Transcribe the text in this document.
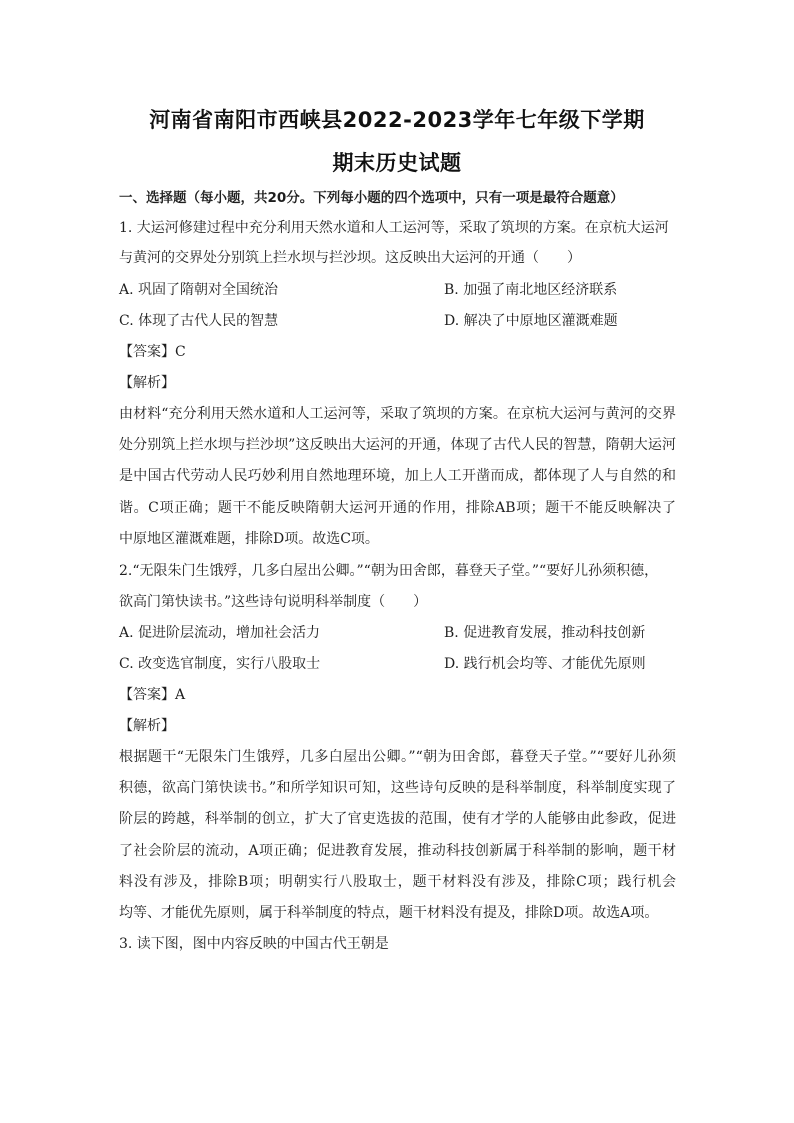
河南省南阳市西峡县2022-2023学年七年级下学期
期末历史试题
一、选择题（每小题，共20分。下列每小题的四个选项中，只有一项是最符合题意）
1. 大运河修建过程中充分利用天然水道和人工运河等，采取了筑坝的方案。在京杭大运河
与黄河的交界处分别筑上拦水坝与拦沙坝。这反映出大运河的开通（　　）
A. 巩固了隋朝对全国统治	B. 加强了南北地区经济联系
C. 体现了古代人民的智慧	D. 解决了中原地区灌溉难题
【答案】C
【解析】

由材料“充分利用天然水道和人工运河等，采取了筑坝的方案。在京杭大运河与黄河的交界

处分别筑上拦水坝与拦沙坝”这反映出大运河的开通，体现了古代人民的智慧，隋朝大运河

是中国古代劳动人民巧妙利用自然地理环境，加上人工开凿而成，都体现了人与自然的和

谐。C项正确；题干不能反映隋朝大运河开通的作用，排除AB项；题干不能反映解决了

中原地区灌溉难题，排除D项。故选C项。

2.“无限朱门生饿殍，几多白屋出公卿。”“朝为田舍郎，暮登天子堂。”“要好儿孙须积德，
欲高门第快读书。”这些诗句说明科举制度（　　）
A. 促进阶层流动，增加社会活力	B. 促进教育发展，推动科技创新
C. 改变选官制度，实行八股取士	D. 践行机会均等、才能优先原则
【答案】A
【解析】

根据题干“无限朱门生饿殍，几多白屋出公卿。”“朝为田舍郎，暮登天子堂。”“要好儿孙须

积德，欲高门第快读书。”和所学知识可知，这些诗句反映的是科举制度，科举制度实现了

阶层的跨越，科举制的创立，扩大了官吏选拔的范围，使有才学的人能够由此参政，促进

了社会阶层的流动，A项正确；促进教育发展，推动科技创新属于科举制的影响，题干材

料没有涉及，排除B项；明朝实行八股取士，题干材料没有涉及，排除C项；践行机会

均等、才能优先原则，属于科举制度的特点，题干材料没有提及，排除D项。故选A项。

3. 读下图，图中内容反映的中国古代王朝是
